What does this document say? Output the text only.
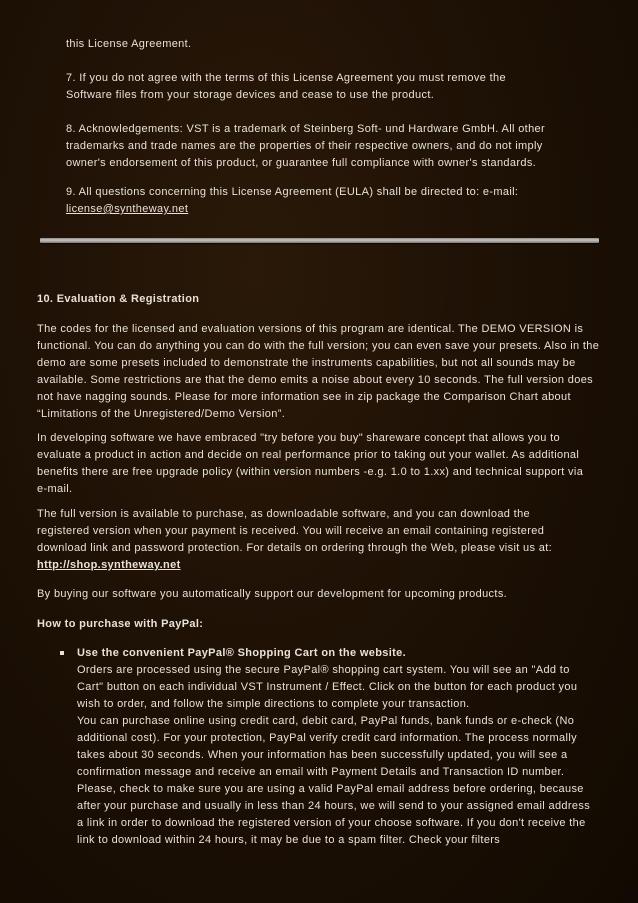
this License Agreement.

7. If you do not agree with the terms of this License Agreement you must remove the Software files from your storage devices and cease to use the product.

8. Acknowledgements: VST is a trademark of Steinberg Soft- und Hardware GmbH. All other trademarks and trade names are the properties of their respective owners, and do not imply owner's endorsement of this product, or guarantee full compliance with owner's standards.

9. All questions concerning this License Agreement (EULA) shall be directed to: e-mail:
license@syntheway.net

10. Evaluation & Registration

The codes for the licensed and evaluation versions of this program are identical. The DEMO VERSION is functional. You can do anything you can do with the full version; you can even save your presets. Also in the demo are some presets included to demonstrate the instruments capabilities, but not all sounds may be available. Some restrictions are that the demo emits a noise about every 10 seconds. The full version does not have nagging sounds. Please for more information see in zip package the Comparison Chart about “Limitations of the Unregistered/Demo Version”.

In developing software we have embraced "try before you buy" shareware concept that allows you to evaluate a product in action and decide on real performance prior to taking out your wallet. As additional benefits there are free upgrade policy (within version numbers -e.g. 1.0 to 1.xx) and technical support via e-mail.

The full version is available to purchase, as downloadable software, and you can download the registered version when your payment is received. You will receive an email containing registered download link and password protection. For details on ordering through the Web, please visit us at:
http://shop.syntheway.net

By buying our software you automatically support our development for upcoming products.

How to purchase with PayPal:

Use the convenient PayPal® Shopping Cart on the website.
Orders are processed using the secure PayPal® shopping cart system. You will see an "Add to Cart" button on each individual VST Instrument / Effect. Click on the button for each product you wish to order, and follow the simple directions to complete your transaction.
You can purchase online using credit card, debit card, PayPal funds, bank funds or e-check (No additional cost). For your protection, PayPal verify credit card information. The process normally takes about 30 seconds. When your information has been successfully updated, you will see a confirmation message and receive an email with Payment Details and Transaction ID number. Please, check to make sure you are using a valid PayPal email address before ordering, because after your purchase and usually in less than 24 hours, we will send to your assigned email address a link in order to download the registered version of your choose software. If you don't receive the link to download within 24 hours, it may be due to a spam filter. Check your filters
